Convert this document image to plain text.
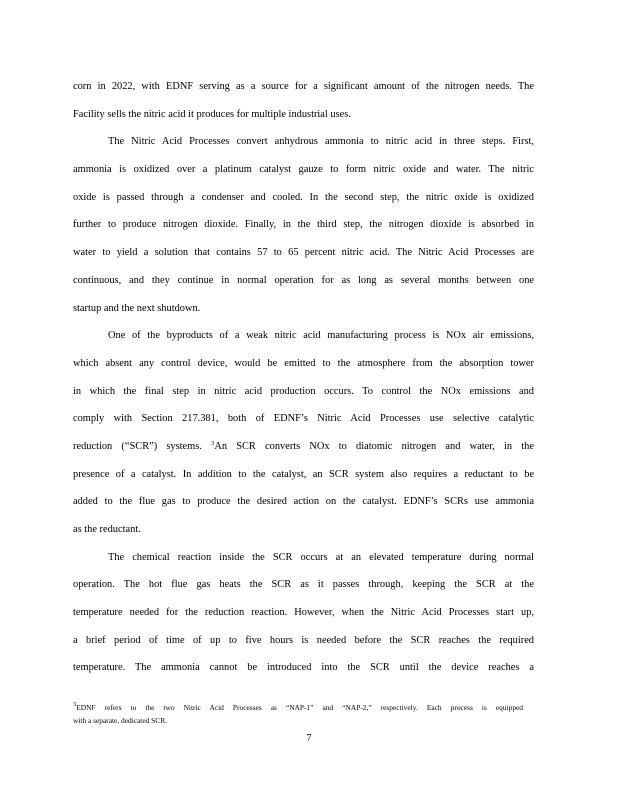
corn in 2022, with EDNF serving as a source for a significant amount of the nitrogen needs. The
Facility sells the nitric acid it produces for multiple industrial uses.
The Nitric Acid Processes convert anhydrous ammonia to nitric acid in three steps. First,
ammonia is oxidized over a platinum catalyst gauze to form nitric oxide and water. The nitric
oxide is passed through a condenser and cooled. In the second step, the nitric oxide is oxidized
further to produce nitrogen dioxide. Finally, in the third step, the nitrogen dioxide is absorbed in
water to yield a solution that contains 57 to 65 percent nitric acid. The Nitric Acid Processes are
continuous, and they continue in normal operation for as long as several months between one
startup and the next shutdown.
One of the byproducts of a weak nitric acid manufacturing process is NOx air emissions,
which absent any control device, would be emitted to the atmosphere from the absorption tower
in which the final step in nitric acid production occurs. To control the NOx emissions and
comply with Section 217.381, both of EDNF’s Nitric Acid Processes use selective catalytic
reduction (“SCR”) systems. $^3$An SCR converts NOx to diatomic nitrogen and water, in the
presence of a catalyst. In addition to the catalyst, an SCR system also requires a reductant to be
added to the flue gas to produce the desired action on the catalyst. EDNF’s SCRs use ammonia
as the reductant.
The chemical reaction inside the SCR occurs at an elevated temperature during normal
operation. The hot flue gas heats the SCR as it passes through, keeping the SCR at the
temperature needed for the reduction reaction. However, when the Nitric Acid Processes start up,
a brief period of time of up to five hours is needed before the SCR reaches the required
temperature. The ammonia cannot be introduced into the SCR until the device reaches a
$^3$EDNF refers to the two Nitric Acid Processes as “NAP-1” and “NAP-2,” respectively. Each process is equipped
with a separate, dedicated SCR.
7
